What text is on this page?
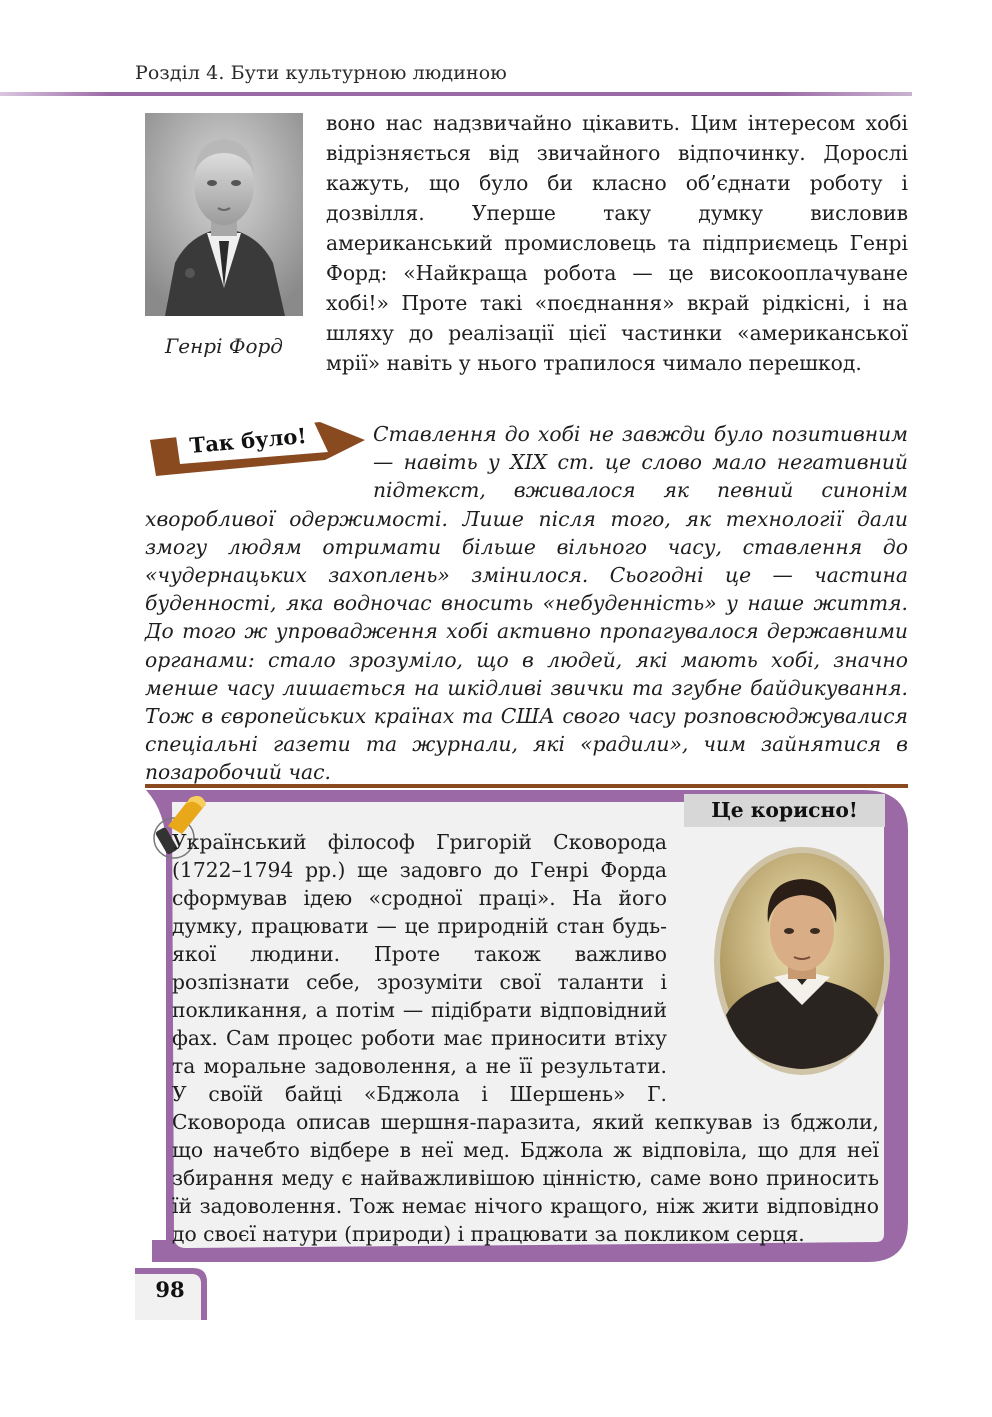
Розділ 4. Бути культурною людиною
Генрі Форд

воно нас надзвичайно цікавить. Цим інтересом хобі відрізняється від звичайного відпочинку. Дорослі кажуть, що було би класно об’єднати роботу і дозвілля. Уперше таку думку висловив американський промисловець та підприємець Генрі Форд: «Найкраща робота — це високооплачуване хобі!» Проте такі «поєднання» вкрай рідкісні, і на шляху до реалізації цієї частинки «американської мрії» навіть у нього трапилося чимало перешкод.

Так було!	Ставлення до хобі не завжди було позитивним — навіть у XIX ст. це слово мало негативний підтекст, вживалося як певний синонім хворобливої одержимості. Лише після того, як технології дали змогу людям отримати більше вільного часу, ставлення до «чудернацьких захоплень» змінилося. Сьогодні це — частина буденності, яка водночас вносить «небуденність» у наше життя. До того ж упровадження хобі активно пропагувалося державними органами: стало зрозуміло, що в людей, які мають хобі, значно менше часу лишається на шкідливі звички та згубне байдикування. Тож в європейських країнах та США свого часу розповсюджувалися спеціальні газети та журнали, які «радили», чим зайнятися в позаробочий час.

Це корисно!

Український філософ Григорій Сковорода (1722–1794 рр.) ще задовго до Генрі Форда сформував ідею «сродної праці». На його думку, працювати — це природній стан будь-якої людини. Проте також важливо розпізнати себе, зрозуміти свої таланти і покликання, а потім — підібрати відповідний фах. Сам процес роботи має приносити втіху та моральне задоволення, а не її результати. У своїй байці «Бджола і Шершень» Г. Сковорода описав шершня-паразита, який кепкував із бджоли, що начебто відбере в неї мед. Бджола ж відповіла, що для неї збирання меду є найважливішою цінністю, саме воно приносить їй задоволення. Тож немає нічого кращого, ніж жити відповідно до своєї натури (природи) і працювати за покликом серця.

98
